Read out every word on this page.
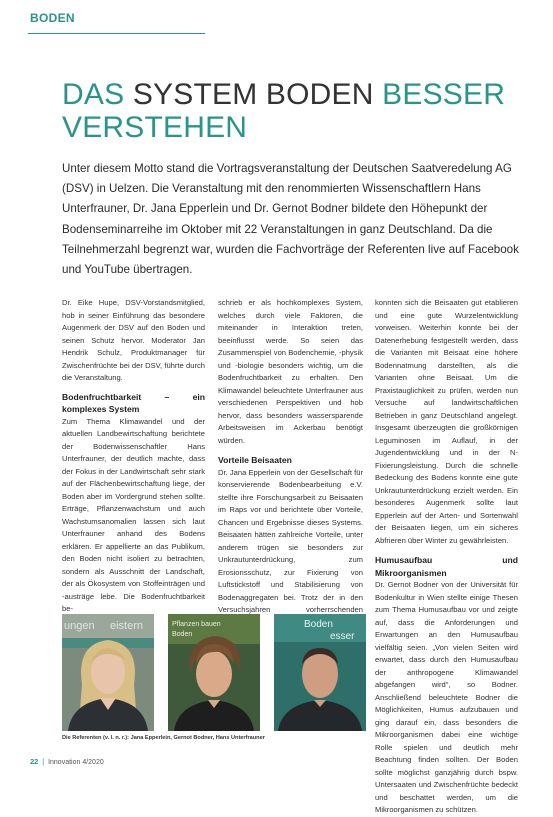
BODEN
DAS SYSTEM BODEN BESSER VERSTEHEN

Unter diesem Motto stand die Vortragsveranstaltung der Deutschen Saatveredelung AG (DSV) in Uelzen. Die Veranstaltung mit den renommierten Wissenschaftlern Hans Unterfrauner, Dr. Jana Epperlein und Dr. Gernot Bodner bildete den Höhepunkt der Bodenseminarreihe im Oktober mit 22 Veranstaltungen in ganz Deutschland. Da die Teilnehmerzahl begrenzt war, wurden die Fachvorträge der Referenten live auf Facebook und YouTube übertragen.

Dr. Eike Hupe, DSV-Vorstandsmitglied, hob in seiner Einführung das besondere Augenmerk der DSV auf den Boden und seinen Schutz hervor. Moderator Jan Hendrik Schulz, Produktmanager für Zwischenfrüchte bei der DSV, führte durch die Veranstaltung.

Bodenfruchtbarkeit – ein komplexes System

Zum Thema Klimawandel und der aktuellen Landbewirtschaftung berichtete der Bodenwissenschaftler Hans Unterfrauner, der deutlich machte, dass der Fokus in der Landwirtschaft sehr stark auf der Flächenbewirtschaftung liege, der Boden aber im Vordergrund stehen sollte. Erträge, Pflanzenwachstum und auch Wachstumsanomalien lassen sich laut Unterfrauner anhand des Bodens erklären. Er appellierte an das Publikum, den Boden nicht isoliert zu betrachten, sondern als Ausschnitt der Landschaft, der als Ökosystem von Stoffeinträgen und -austräge lebe. Die Bodenfruchtbarkeit be-

schrieb er als hochkomplexes System, welches durch viele Faktoren, die miteinander in Interaktion treten, beeinflusst werde. So seien das Zusammenspiel von Bodenchemie, -physik und -biologie besonders wichtig, um die Bodenfruchtbarkeit zu erhalten. Den Klimawandel beleuchtete Unterfrauner aus verschiedenen Perspektiven und hob hervor, dass besonders wassersparende Arbeitsweisen im Ackerbau benötigt würden.

Vorteile Beisaaten

Dr. Jana Epperlein von der Gesellschaft für konservierende Bodenbearbeitung e.V. stellte ihre Forschungsarbeit zu Beisaaten im Raps vor und berichtete über Vorteile, Chancen und Ergebnisse dieses Systems. Beisaaten hätten zahlreiche Vorteile, unter anderem trügen sie besonders zur Unkrautunterdrückung, zum Erosionsschutz, zur Fixierung von Luftstickstoff und Stabilisierung von Bodenaggregaten bei. Trotz der in den Versuchsjahren vorherrschenden

konnten sich die Beisaaten gut etablieren und eine gute Wurzelentwicklung vorweisen. Weiterhin konnte bei der Datenerhebung festgestellt werden, dass die Varianten mit Beisaat eine höhere Bodennatmung darstellten, als die Varianten ohne Beisaat. Um die Praxistauglichkeit zu prüfen, werden nun Versuche auf landwirtschaftlichen Betrieben in ganz Deutschland angelegt. Insgesamt überzeugten die großkörnigen Leguminosen im Auflauf, in der Jugendentwicklung und in der N-Fixierungsleistung. Durch die schnelle Bedeckung des Bodens konnte eine gute Unkrautunterdrückung erzielt werden. Ein besonderes Augenmerk sollte laut Epperlein auf der Arten- und Sortenwahl der Beisaaten liegen, um ein sicheres Abfrieren über Winter zu gewährleisten.

Humusaufbau und Mikroorganismen

Dr. Gernot Bodner von der Universität für Bodenkultur in Wien stellte einige Thesen zum Thema Humusaufbau vor und zeigte auf, dass die Anforderungen und Erwartungen an den Humusaufbau vielfältig seien. „Von vielen Seiten wird erwartet, dass durch den Humusaufbau der anthropogene Klimawandel abgefangen wird“, so Bodner. Anschließend beleuchtete Bodner die Möglichkeiten, Humus aufzubauen und ging darauf ein, dass besonders die Mikroorganismen dabei eine wichtige Rolle spielen und deutlich mehr Beachtung finden sollten. Der Boden sollte möglichst ganzjährig durch bspw. Untersaaten und Zwischenfrüchte bedeckt und beschattet werden, um die Mikroorganismen zu schützen.

ungen eistern	Pflanzen bauen
Boden
Boden
esser
Die Referenten (v. l. n. r.): Jana Epperlein, Gernot Bodner, Hans Unterfrauner
22 | Innovation 4/2020
